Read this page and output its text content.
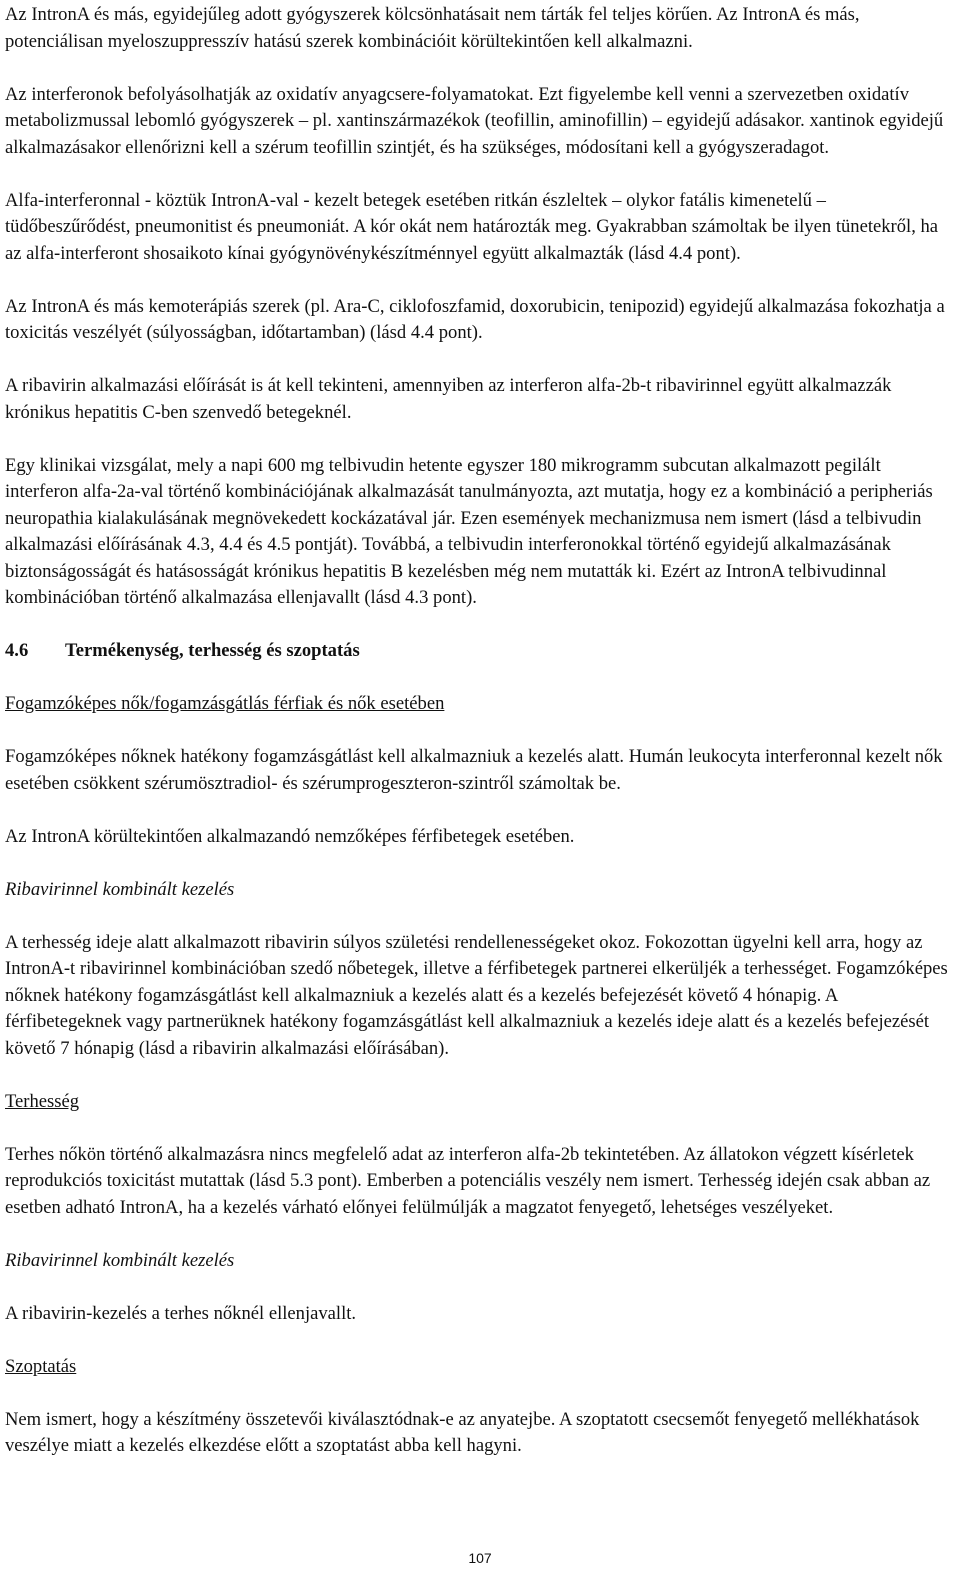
Az IntronA és más, egyidejűleg adott gyógyszerek kölcsönhatásait nem tárták fel teljes körűen. Az IntronA és más, potenciálisan myeloszuppresszív hatású szerek kombinációit körültekintően kell alkalmazni.

Az interferonok befolyásolhatják az oxidatív anyagcsere-folyamatokat. Ezt figyelembe kell venni a szervezetben oxidatív metabolizmussal lebomló gyógyszerek – pl. xantinszármazékok (teofillin, aminofillin) – egyidejű adásakor. xantinok egyidejű alkalmazásakor ellenőrizni kell a szérum teofillin szintjét, és ha szükséges, módosítani kell a gyógyszeradagot.

Alfa-interferonnal - köztük IntronA-val - kezelt betegek esetében ritkán észleltek – olykor fatális kimenetelű – tüdőbeszűrődést, pneumonitist és pneumoniát. A kór okát nem határozták meg. Gyakrabban számoltak be ilyen tünetekről, ha az alfa-interferont shosaikoto kínai gyógynövénykészítménnyel együtt alkalmazták (lásd 4.4 pont).

Az IntronA és más kemoterápiás szerek (pl. Ara-C, ciklofoszfamid, doxorubicin, tenipozid) egyidejű alkalmazása fokozhatja a toxicitás veszélyét (súlyosságban, időtartamban) (lásd 4.4 pont).

A ribavirin alkalmazási előírását is át kell tekinteni, amennyiben az interferon alfa-2b-t ribavirinnel együtt alkalmazzák krónikus hepatitis C-ben szenvedő betegeknél.

Egy klinikai vizsgálat, mely a napi 600 mg telbivudin hetente egyszer 180 mikrogramm subcutan alkalmazott pegilált interferon alfa-2a-val történő kombinációjának alkalmazását tanulmányozta, azt mutatja, hogy ez a kombináció a peripheriás neuropathia kialakulásának megnövekedett kockázatával jár. Ezen események mechanizmusa nem ismert (lásd a telbivudin alkalmazási előírásának 4.3, 4.4 és 4.5 pontját). Továbbá, a telbivudin interferonokkal történő egyidejű alkalmazásának biztonságosságát és hatásosságát krónikus hepatitis B kezelésben még nem mutatták ki. Ezért az IntronA telbivudinnal kombinációban történő alkalmazása ellenjavallt (lásd 4.3 pont).

4.6	Termékenység, terhesség és szoptatás

Fogamzóképes nők/fogamzásgátlás férfiak és nők esetében

Fogamzóképes nőknek hatékony fogamzásgátlást kell alkalmazniuk a kezelés alatt. Humán leukocyta interferonnal kezelt nők esetében csökkent szérumösztradiol- és szérumprogeszteron-szintről számoltak be.

Az IntronA körültekintően alkalmazandó nemzőképes férfibetegek esetében.

Ribavirinnel kombinált kezelés

A terhesség ideje alatt alkalmazott ribavirin súlyos születési rendellenességeket okoz. Fokozottan ügyelni kell arra, hogy az IntronA-t ribavirinnel kombinációban szedő nőbetegek, illetve a férfibetegek partnerei elkerüljék a terhességet. Fogamzóképes nőknek hatékony fogamzásgátlást kell alkalmazniuk a kezelés alatt és a kezelés befejezését követő 4 hónapig. A férfibetegeknek vagy partnerüknek hatékony fogamzásgátlást kell alkalmazniuk a kezelés ideje alatt és a kezelés befejezését követő 7 hónapig (lásd a ribavirin alkalmazási előírásában).

Terhesség

Terhes nőkön történő alkalmazásra nincs megfelelő adat az interferon alfa-2b tekintetében. Az állatokon végzett kísérletek reprodukciós toxicitást mutattak (lásd 5.3 pont). Emberben a potenciális veszély nem ismert. Terhesség idején csak abban az esetben adható IntronA, ha a kezelés várható előnyei felülmúlják a magzatot fenyegető, lehetséges veszélyeket.

Ribavirinnel kombinált kezelés

A ribavirin-kezelés a terhes nőknél ellenjavallt.

Szoptatás

Nem ismert, hogy a készítmény összetevői kiválasztódnak-e az anyatejbe. A szoptatott csecsemőt fenyegető mellékhatások veszélye miatt a kezelés elkezdése előtt a szoptatást abba kell hagyni.

107
